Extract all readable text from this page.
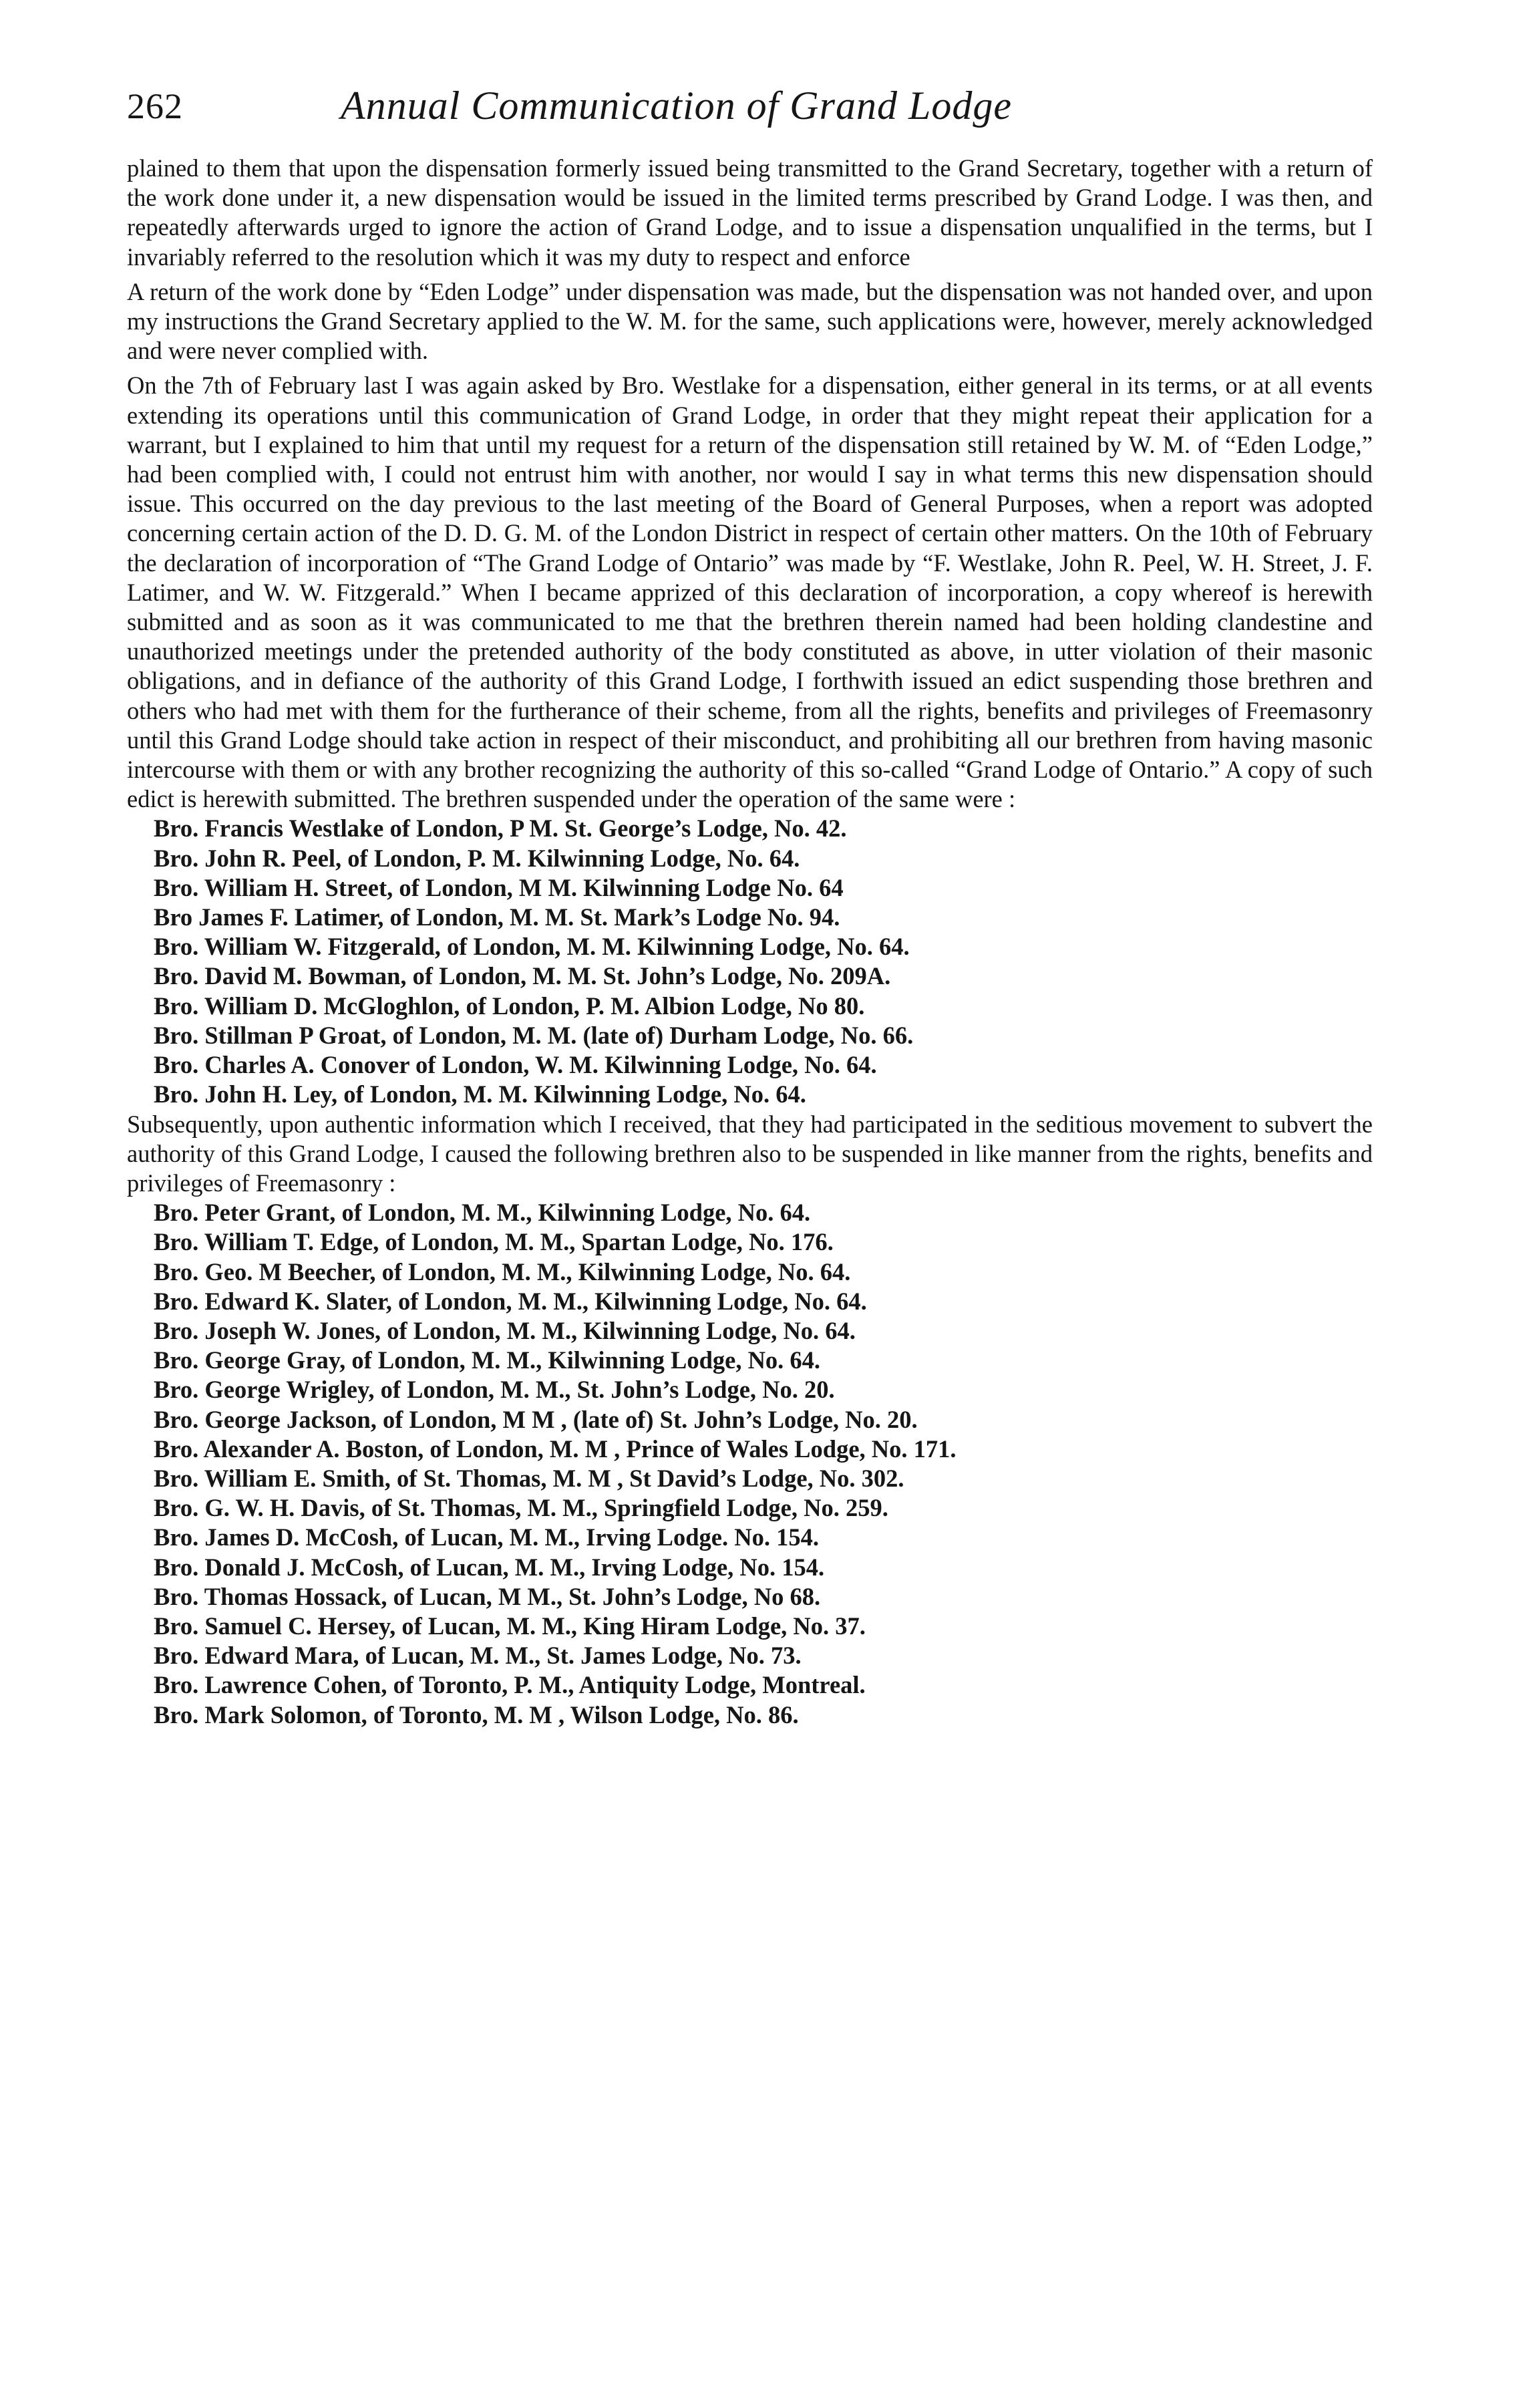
262	Annual Communication of Grand Lodge

plained to them that upon the dispensation formerly issued being transmitted to the Grand Secretary, together with a return of the work done under it, a new dispensation would be issued in the limited terms prescribed by Grand Lodge. I was then, and repeatedly afterwards urged to ignore the action of Grand Lodge, and to issue a dispensation unqualified in the terms, but I invariably referred to the resolution which it was my duty to respect and enforce

A return of the work done by “Eden Lodge” under dispensation was made, but the dispensation was not handed over, and upon my instructions the Grand Secretary applied to the W. M. for the same, such applications were, however, merely acknowledged and were never complied with.

On the 7th of February last I was again asked by Bro. Westlake for a dispensation, either general in its terms, or at all events extending its operations until this communication of Grand Lodge, in order that they might repeat their application for a warrant, but I explained to him that until my request for a return of the dispensation still retained by W. M. of “Eden Lodge,” had been complied with, I could not entrust him with another, nor would I say in what terms this new dispensation should issue. This occurred on the day previous to the last meeting of the Board of General Purposes, when a report was adopted concerning certain action of the D. D. G. M. of the London District in respect of certain other matters. On the 10th of February the declaration of incorporation of “The Grand Lodge of Ontario” was made by “F. Westlake, John R. Peel, W. H. Street, J. F. Latimer, and W. W. Fitzgerald.” When I became apprized of this declaration of incorporation, a copy whereof is herewith submitted and as soon as it was communicated to me that the brethren therein named had been holding clandestine and unauthorized meetings under the pretended authority of the body constituted as above, in utter violation of their masonic obligations, and in defiance of the authority of this Grand Lodge, I forthwith issued an edict suspending those brethren and others who had met with them for the furtherance of their scheme, from all the rights, benefits and privileges of Freemasonry until this Grand Lodge should take action in respect of their misconduct, and prohibiting all our brethren from having masonic intercourse with them or with any brother recognizing the authority of this so-called “Grand Lodge of Ontario.” A copy of such edict is herewith submitted. The brethren suspended under the operation of the same were :

Bro. Francis Westlake of London, P M. St. George’s Lodge, No. 42.
Bro. John R. Peel, of London, P. M. Kilwinning Lodge, No. 64.
Bro. William H. Street, of London, M M. Kilwinning Lodge No. 64
Bro James F. Latimer, of London, M. M. St. Mark’s Lodge No. 94.
Bro. William W. Fitzgerald, of London, M. M. Kilwinning Lodge, No. 64.
Bro. David M. Bowman, of London, M. M. St. John’s Lodge, No. 209A.
Bro. William D. McGloghlon, of London, P. M. Albion Lodge, No 80.
Bro. Stillman P Groat, of London, M. M. (late of) Durham Lodge, No. 66.
Bro. Charles A. Conover of London, W. M. Kilwinning Lodge, No. 64.
Bro. John H. Ley, of London, M. M. Kilwinning Lodge, No. 64.

Subsequently, upon authentic information which I received, that they had participated in the seditious movement to subvert the authority of this Grand Lodge, I caused the following brethren also to be suspended in like manner from the rights, benefits and privileges of Freemasonry :

Bro. Peter Grant, of London, M. M., Kilwinning Lodge, No. 64.
Bro. William T. Edge, of London, M. M., Spartan Lodge, No. 176.
Bro. Geo. M Beecher, of London, M. M., Kilwinning Lodge, No. 64.
Bro. Edward K. Slater, of London, M. M., Kilwinning Lodge, No. 64.
Bro. Joseph W. Jones, of London, M. M., Kilwinning Lodge, No. 64.
Bro. George Gray, of London, M. M., Kilwinning Lodge, No. 64.
Bro. George Wrigley, of London, M. M., St. John’s Lodge, No. 20.
Bro. George Jackson, of London, M M , (late of) St. John’s Lodge, No. 20.
Bro. Alexander A. Boston, of London, M. M , Prince of Wales Lodge, No. 171.
Bro. William E. Smith, of St. Thomas, M. M , St David’s Lodge, No. 302.
Bro. G. W. H. Davis, of St. Thomas, M. M., Springfield Lodge, No. 259.
Bro. James D. McCosh, of Lucan, M. M., Irving Lodge. No. 154.
Bro. Donald J. McCosh, of Lucan, M. M., Irving Lodge, No. 154.
Bro. Thomas Hossack, of Lucan, M M., St. John’s Lodge, No 68.
Bro. Samuel C. Hersey, of Lucan, M. M., King Hiram Lodge, No. 37.
Bro. Edward Mara, of Lucan, M. M., St. James Lodge, No. 73.
Bro. Lawrence Cohen, of Toronto, P. M., Antiquity Lodge, Montreal.
Bro. Mark Solomon, of Toronto, M. M , Wilson Lodge, No. 86.
